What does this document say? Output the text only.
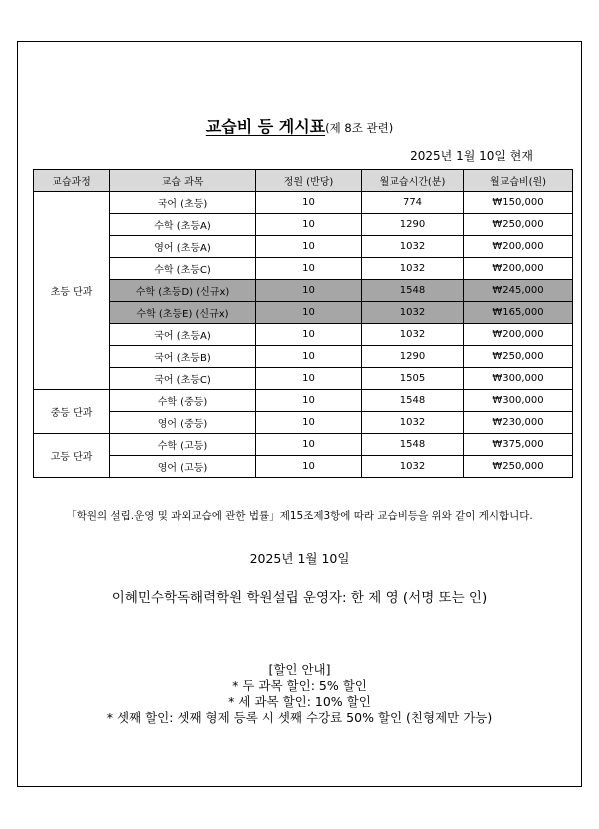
교습비 등 게시표(제 8조 관련)
2025년 1월 10일 현재
교습과정	교습 과목	정원 (반당)	월교습시간(분)	월교습비(원)
초등 단과	국어 (초등)	10	774	₩150,000
	수학 (초등A)	10	1290	₩250,000
	영어 (초등A)	10	1032	₩200,000
	수학 (초등C)	10	1032	₩200,000
	수학 (초등D) (신규x)	10	1548	₩245,000
	수학 (초등E) (신규x)	10	1032	₩165,000
	국어 (초등A)	10	1032	₩200,000
	국어 (초등B)	10	1290	₩250,000
	국어 (초등C)	10	1505	₩300,000
중등 단과	수학 (중등)	10	1548	₩300,000
	영어 (중등)	10	1032	₩230,000
고등 단과	수학 (고등)	10	1548	₩375,000
	영어 (고등)	10	1032	₩250,000
「학원의 설립.운영 및 과외교습에 관한 법률」제15조제3항에 따라 교습비등을 위와 같이 게시합니다.
2025년 1월 10일
이혜민수학독해력학원 학원설립 운영자: 한 제 영 (서명 또는 인)
[할인 안내]
* 두 과목 할인: 5% 할인
* 세 과목 할인: 10% 할인
* 셋째 할인: 셋째 형제 등록 시 셋째 수강료 50% 할인 (친형제만 가능)
